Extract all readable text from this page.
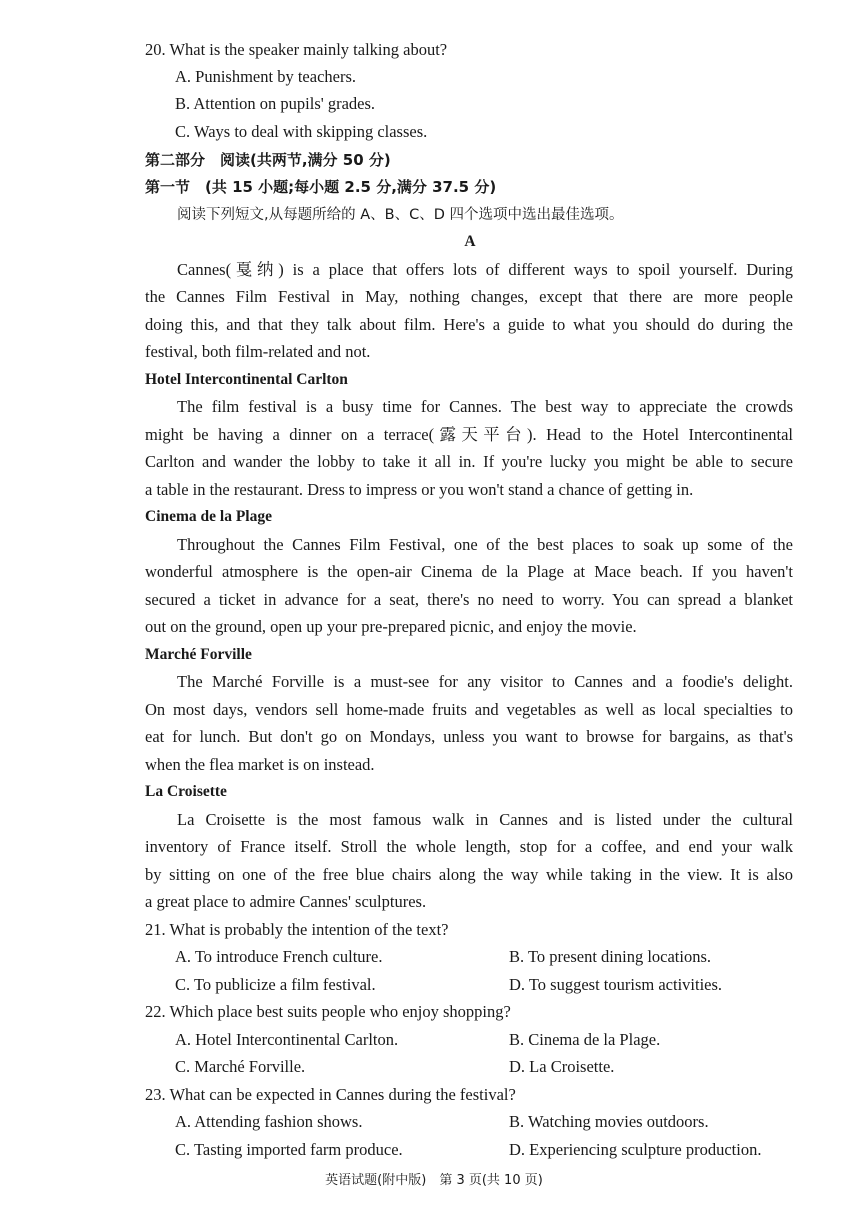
20. What is the speaker mainly talking about?
A. Punishment by teachers.
B. Attention on pupils' grades.
C. Ways to deal with skipping classes.
第二部分　阅读(共两节,满分 50 分)
第一节　(共 15 小题;每小题 2.5 分,满分 37.5 分)
阅读下列短文,从每题所给的 A、B、C、D 四个选项中选出最佳选项。
A
Cannes(戛纳) is a place that offers lots of different ways to spoil yourself. During
the Cannes Film Festival in May, nothing changes, except that there are more people
doing this, and that they talk about film. Here's a guide to what you should do during the
festival, both film-related and not.
Hotel Intercontinental Carlton
The film festival is a busy time for Cannes. The best way to appreciate the crowds
might be having a dinner on a terrace(露天平台). Head to the Hotel Intercontinental
Carlton and wander the lobby to take it all in. If you're lucky you might be able to secure
a table in the restaurant. Dress to impress or you won't stand a chance of getting in.
Cinema de la Plage
Throughout the Cannes Film Festival, one of the best places to soak up some of the
wonderful atmosphere is the open-air Cinema de la Plage at Mace beach. If you haven't
secured a ticket in advance for a seat, there's no need to worry. You can spread a blanket
out on the ground, open up your pre-prepared picnic, and enjoy the movie.
Marché Forville
The Marché Forville is a must-see for any visitor to Cannes and a foodie's delight.
On most days, vendors sell home-made fruits and vegetables as well as local specialties to
eat for lunch. But don't go on Mondays, unless you want to browse for bargains, as that's
when the flea market is on instead.
La Croisette
La Croisette is the most famous walk in Cannes and is listed under the cultural
inventory of France itself. Stroll the whole length, stop for a coffee, and end your walk
by sitting on one of the free blue chairs along the way while taking in the view. It is also
a great place to admire Cannes' sculptures.
21. What is probably the intention of the text?
A. To introduce French culture.	B. To present dining locations.
C. To publicize a film festival.	D. To suggest tourism activities.
22. Which place best suits people who enjoy shopping?
A. Hotel Intercontinental Carlton.	B. Cinema de la Plage.
C. Marché Forville.	D. La Croisette.
23. What can be expected in Cannes during the festival?
A. Attending fashion shows.	B. Watching movies outdoors.
C. Tasting imported farm produce.	D. Experiencing sculpture production.
英语试题(附中版)　第 3 页(共 10 页)
